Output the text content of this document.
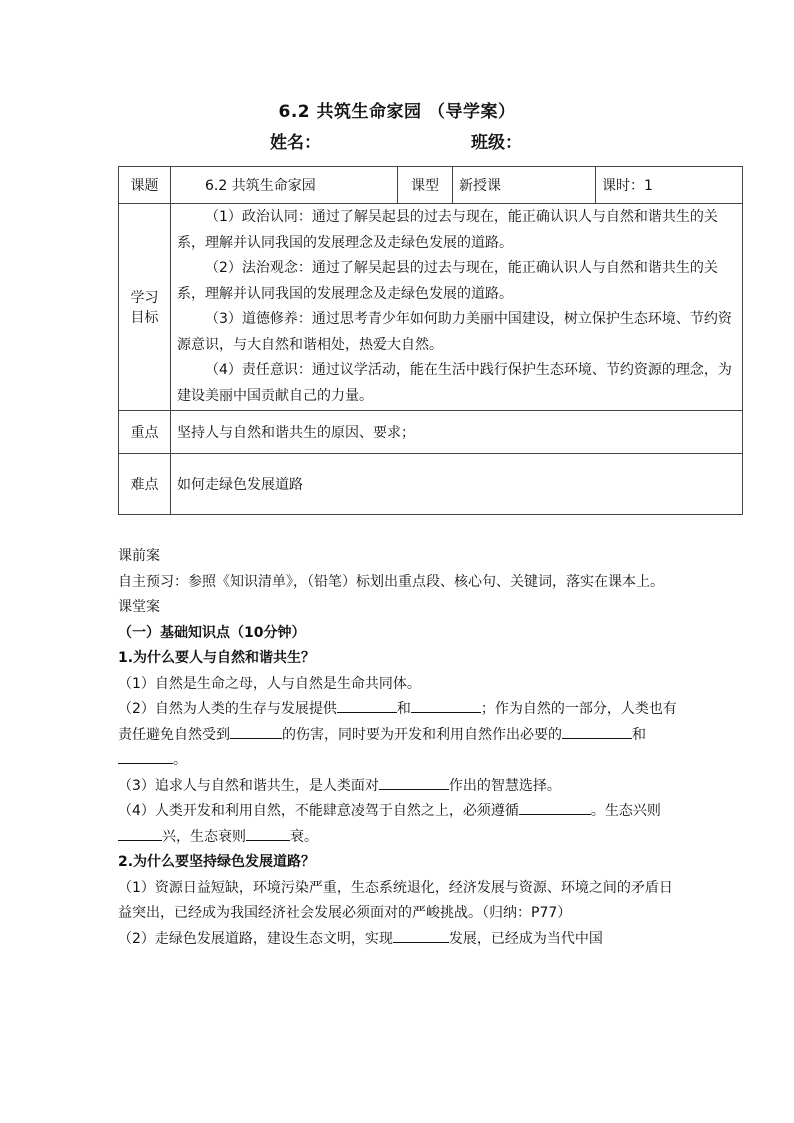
6.2 共筑生命家园 （导学案）
姓名：	班级：
课题	6.2 共筑生命家园	课型	新授课	课时：1
学习目标	（1）政治认同：通过了解吴起县的过去与现在，能正确认识人与自然和谐共生的关系，理解并认同我国的发展理念及走绿色发展的道路。

（2）法治观念：通过了解吴起县的过去与现在，能正确认识人与自然和谐共生的关系，理解并认同我国的发展理念及走绿色发展的道路。

（3）道德修养：通过思考青少年如何助力美丽中国建设，树立保护生态环境、节约资源意识，与大自然和谐相处，热爱大自然。

（4）责任意识：通过议学活动，能在生活中践行保护生态环境、节约资源的理念，为建设美丽中国贡献自己的力量。			

重点	坚持人与自然和谐共生的原因、要求；			
难点	如何走绿色发展道路			

课前案

自主预习：参照《知识清单》，（铅笔）标划出重点段、核心句、关键词，落实在课本上。

课堂案

（一）基础知识点（10分钟）

1.为什么要人与自然和谐共生？

（1）自然是生命之母，人与自然是生命共同体。

（2）自然为人类的生存与发展提供	和	；作为自然的一部分，人类也有责任避免自然受到	的伤害，同时要为开发和利用自然作出必要的	和。

（3）追求人与自然和谐共生，是人类面对	作出的智慧选择。

（4）人类开发和利用自然，不能肆意凌驾于自然之上，必须遵循	。生态兴则兴，生态衰则	衰。

2.为什么要坚持绿色发展道路？

（1）资源日益短缺，环境污染严重，生态系统退化，经济发展与资源、环境之间的矛盾日益突出，已经成为我国经济社会发展必须面对的严峻挑战。（归纳：P77）

（2）走绿色发展道路，建设生态文明，实现	发展，已经成为当代中国
